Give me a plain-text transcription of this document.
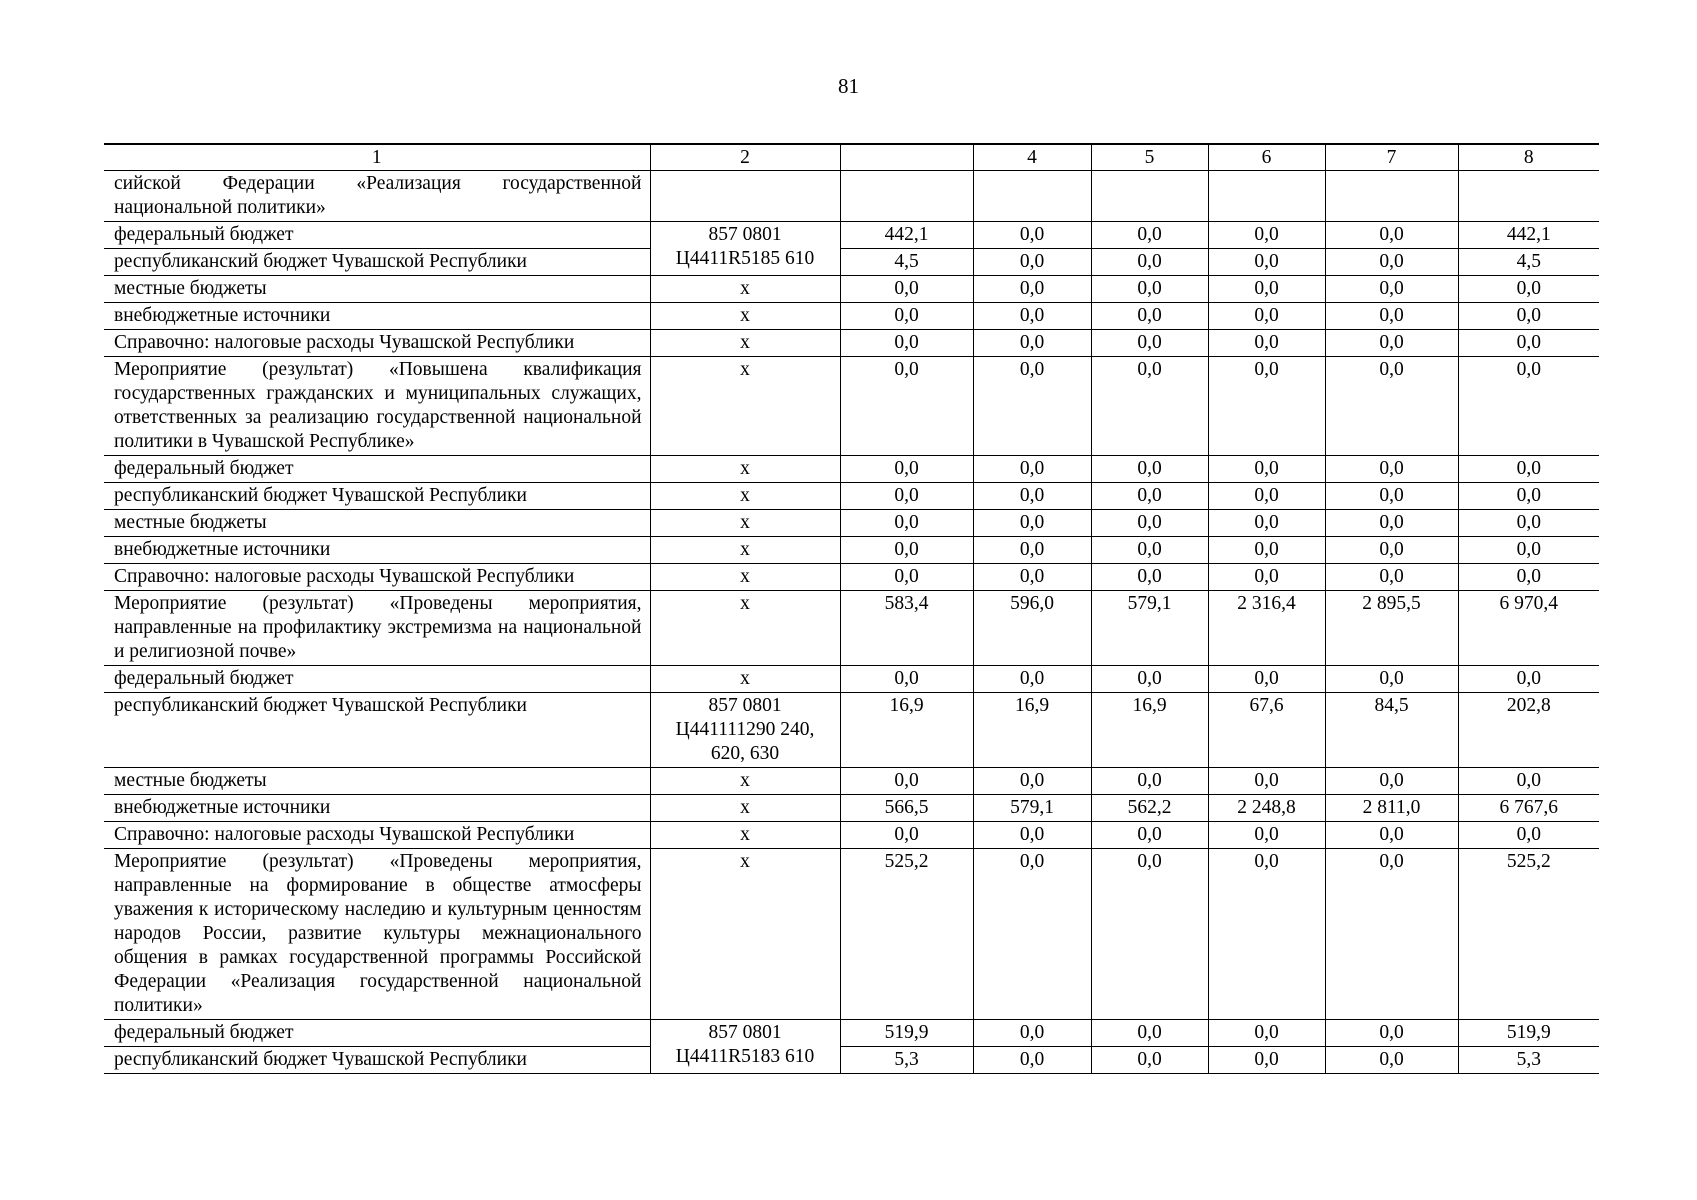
81
1	2		4	5	6	7	8
сийской Федерации «Реализация государственной национальной политики»							
федеральный бюджет	857 0801 Ц4411R5185 610	442,1	0,0	0,0	0,0	0,0	442,1
республиканский бюджет Чувашской Республики		4,5	0,0	0,0	0,0	0,0	4,5
местные бюджеты	x	0,0	0,0	0,0	0,0	0,0	0,0
внебюджетные источники	x	0,0	0,0	0,0	0,0	0,0	0,0
Справочно: налоговые расходы Чувашской Республики	x	0,0	0,0	0,0	0,0	0,0	0,0
Мероприятие (результат) «Повышена квалификация государственных гражданских и муниципальных служащих, ответственных за реализацию государственной национальной политики в Чувашской Республике»	x	0,0	0,0	0,0	0,0	0,0	0,0
федеральный бюджет	x	0,0	0,0	0,0	0,0	0,0	0,0
республиканский бюджет Чувашской Республики	x	0,0	0,0	0,0	0,0	0,0	0,0
местные бюджеты	x	0,0	0,0	0,0	0,0	0,0	0,0
внебюджетные источники	x	0,0	0,0	0,0	0,0	0,0	0,0
Справочно: налоговые расходы Чувашской Республики	x	0,0	0,0	0,0	0,0	0,0	0,0
Мероприятие (результат) «Проведены мероприятия, направленные на профилактику экстремизма на национальной и религиозной почве»	x	583,4	596,0	579,1	2 316,4	2 895,5	6 970,4
федеральный бюджет	x	0,0	0,0	0,0	0,0	0,0	0,0
республиканский бюджет Чувашской Республики	857 0801 Ц441111290 240, 620, 630	16,9	16,9	16,9	67,6	84,5	202,8
местные бюджеты	x	0,0	0,0	0,0	0,0	0,0	0,0
внебюджетные источники	x	566,5	579,1	562,2	2 248,8	2 811,0	6 767,6
Справочно: налоговые расходы Чувашской Республики	x	0,0	0,0	0,0	0,0	0,0	0,0
Мероприятие (результат) «Проведены мероприятия, направленные на формирование в обществе атмосферы уважения к историческому наследию и культурным ценностям народов России, развитие культуры межнационального общения в рамках государственной программы Российской Федерации «Реализация государственной национальной политики»	x	525,2	0,0	0,0	0,0	0,0	525,2
федеральный бюджет	857 0801 Ц4411R5183 610	519,9	0,0	0,0	0,0	0,0	519,9
республиканский бюджет Чувашской Республики		5,3	0,0	0,0	0,0	0,0	5,3
